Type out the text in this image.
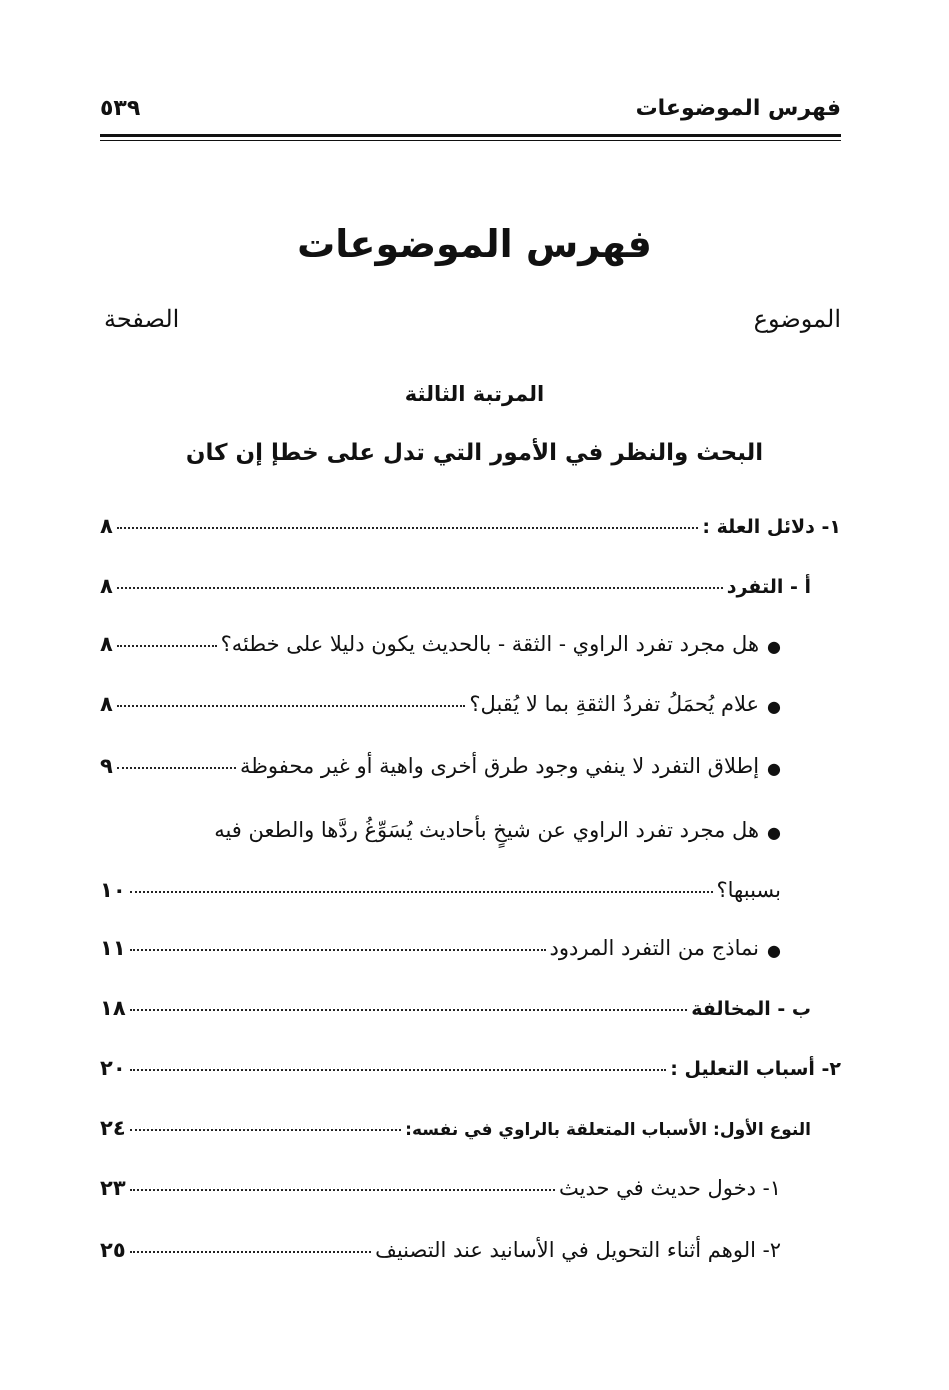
فهرس الموضوعات
٥٣٩
فهرس الموضوعات
الموضوع
الصفحة
المرتبة الثالثة
البحث والنظر في الأمور التي تدل على خطإ إن كان
١- دلائل العلة :
٨
أ - التفرد
٨
●
هل مجرد تفرد الراوي - الثقة - بالحديث يكون دليلا على خطئه؟
٨
●
علام يُحمَلُ تفردُ الثقةِ بما لا يُقبل؟
٨
●
إطلاق التفرد لا ينفي وجود طرق أخرى واهية أو غير محفوظة
٩
●
هل مجرد تفرد الراوي عن شيخٍ بأحاديث يُسَوِّغُ ردَّها والطعن فيه
بسببها؟
١٠
●
نماذج من التفرد المردود
١١
ب - المخالفة
١٨
٢- أسباب التعليل :
٢٠
النوع الأول: الأسباب المتعلقة بالراوي في نفسه:
٢٤
١- دخول حديث في حديث
٢٣
٢- الوهم أثناء التحويل في الأسانيد عند التصنيف
٢٥
